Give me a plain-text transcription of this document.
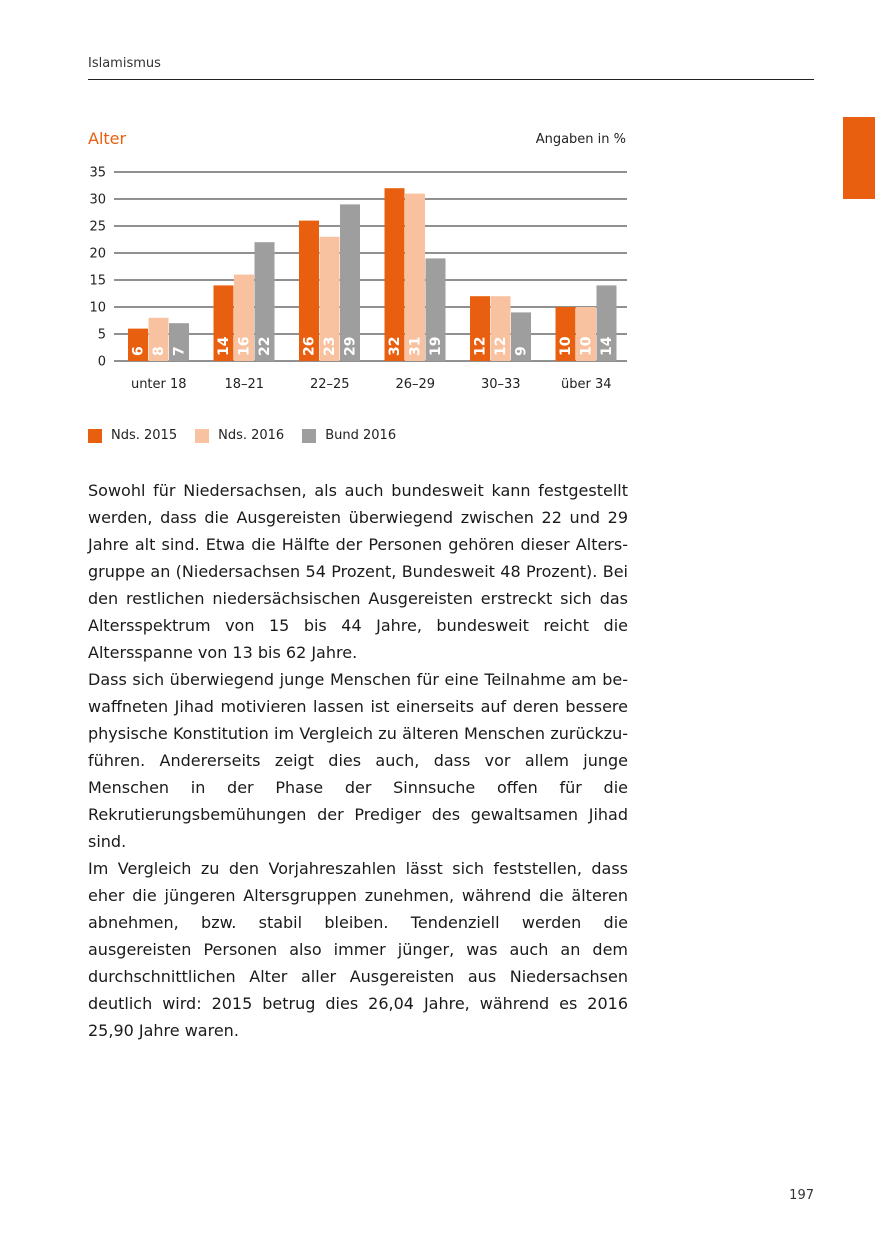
Islamismus
Alter	Angaben in %
0
5
10
15
20
25
30
35
6 8 7
unter 18
14 16 22
18–21
26 23 29
22–25
32 31 19
26–29
12 12 9
30–33
10 10 14
über 34
Nds. 2015	Nds. 2016	Bund 2016

Sowohl für Niedersachsen, als auch bundesweit kann festgestellt werden, dass die Ausgereisten überwiegend zwischen 22 und 29 Jahre alt sind. Etwa die Hälfte der Personen gehören dieser Altersgruppe an (Niedersachsen 54 Prozent, Bundesweit 48 Prozent). Bei den restlichen niedersächsischen Ausgereisten erstreckt sich das Altersspektrum von 15 bis 44 Jahre, bundesweit reicht die Altersspanne von 13 bis 62 Jahre.

Dass sich überwiegend junge Menschen für eine Teilnahme am bewaffneten Jihad motivieren lassen ist einerseits auf deren bessere physische Konstitution im Vergleich zu älteren Menschen zurückzuführen. Andererseits zeigt dies auch, dass vor allem junge Menschen in der Phase der Sinnsuche offen für die Rekrutierungsbemühungen der Prediger des gewaltsamen Jihad sind.

Im Vergleich zu den Vorjahreszahlen lässt sich feststellen, dass eher die jüngeren Altersgruppen zunehmen, während die älteren abnehmen, bzw. stabil bleiben. Tendenziell werden die ausgereisten Personen also immer jünger, was auch an dem durchschnittlichen Alter aller Ausgereisten aus Niedersachsen deutlich wird: 2015 betrug dies 26,04 Jahre, während es 2016 25,90 Jahre waren.

197
